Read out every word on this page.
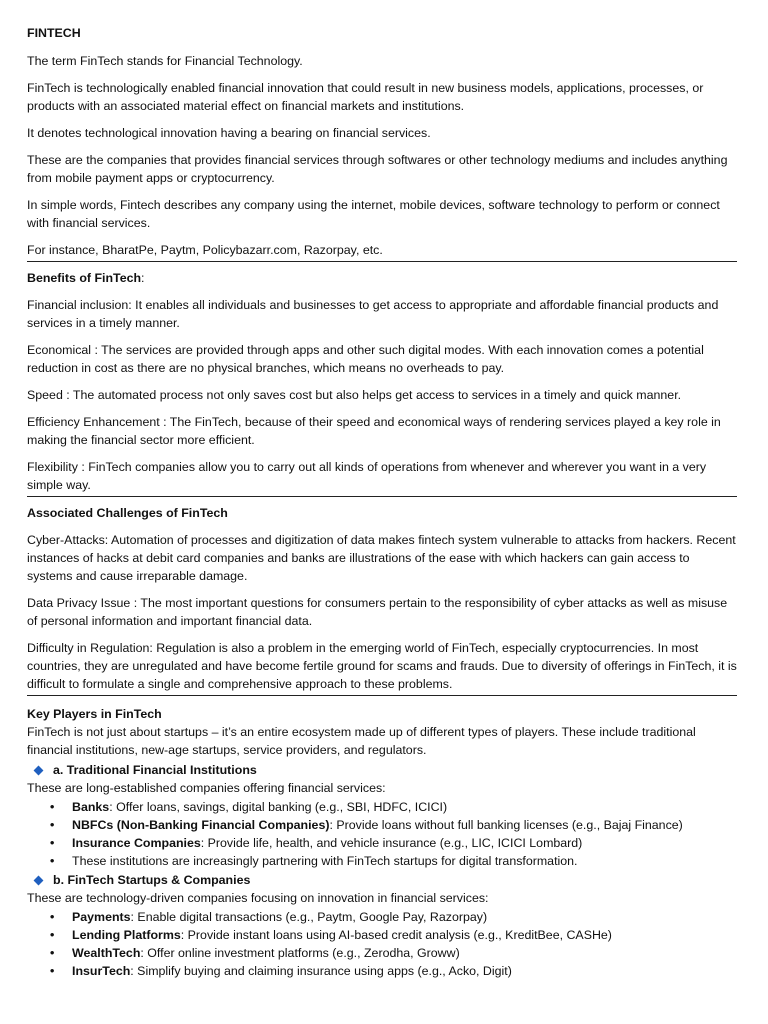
FINTECH

The term FinTech stands for Financial Technology.

FinTech is technologically enabled financial innovation that could result in new business models, applications, processes, or products with an associated material effect on financial markets and institutions.

It denotes technological innovation having a bearing on financial services.

These are the companies that provides financial services through softwares or other technology mediums and includes anything from mobile payment apps or cryptocurrency.

In simple words, Fintech describes any company using the internet, mobile devices, software technology to perform or connect with financial services.

For instance, BharatPe, Paytm, Policybazarr.com, Razorpay, etc.

Benefits of FinTech:

Financial inclusion: It enables all individuals and businesses to get access to appropriate and affordable financial products and services in a timely manner.

Economical : The services are provided through apps and other such digital modes. With each innovation comes a potential reduction in cost as there are no physical branches, which means no overheads to pay.

Speed : The automated process not only saves cost but also helps get access to services in a timely and quick manner.

Efficiency Enhancement : The FinTech, because of their speed and economical ways of rendering services played a key role in making the financial sector more efficient.

Flexibility : FinTech companies allow you to carry out all kinds of operations from whenever and wherever you want in a very simple way.

Associated Challenges of FinTech

Cyber-Attacks: Automation of processes and digitization of data makes fintech system vulnerable to attacks from hackers. Recent instances of hacks at debit card companies and banks are illustrations of the ease with which hackers can gain access to systems and cause irreparable damage.

Data Privacy Issue : The most important questions for consumers pertain to the responsibility of cyber attacks as well as misuse of personal information and important financial data.

Difficulty in Regulation: Regulation is also a problem in the emerging world of FinTech, especially cryptocurrencies. In most countries, they are unregulated and have become fertile ground for scams and frauds. Due to diversity of offerings in FinTech, it is difficult to formulate a single and comprehensive approach to these problems.

Key Players in FinTech
FinTech is not just about startups – it’s an entire ecosystem made up of different types of players. These include traditional financial institutions, new-age startups, service providers, and regulators.
a. Traditional Financial Institutions
These are long-established companies offering financial services:
• Banks: Offer loans, savings, digital banking (e.g., SBI, HDFC, ICICI)
• NBFCs (Non-Banking Financial Companies): Provide loans without full banking licenses (e.g., Bajaj Finance)
• Insurance Companies: Provide life, health, and vehicle insurance (e.g., LIC, ICICI Lombard)
• These institutions are increasingly partnering with FinTech startups for digital transformation.
b. FinTech Startups & Companies
These are technology-driven companies focusing on innovation in financial services:
• Payments: Enable digital transactions (e.g., Paytm, Google Pay, Razorpay)
• Lending Platforms: Provide instant loans using AI-based credit analysis (e.g., KreditBee, CASHe)
• WealthTech: Offer online investment platforms (e.g., Zerodha, Groww)
• InsurTech: Simplify buying and claiming insurance using apps (e.g., Acko, Digit)
